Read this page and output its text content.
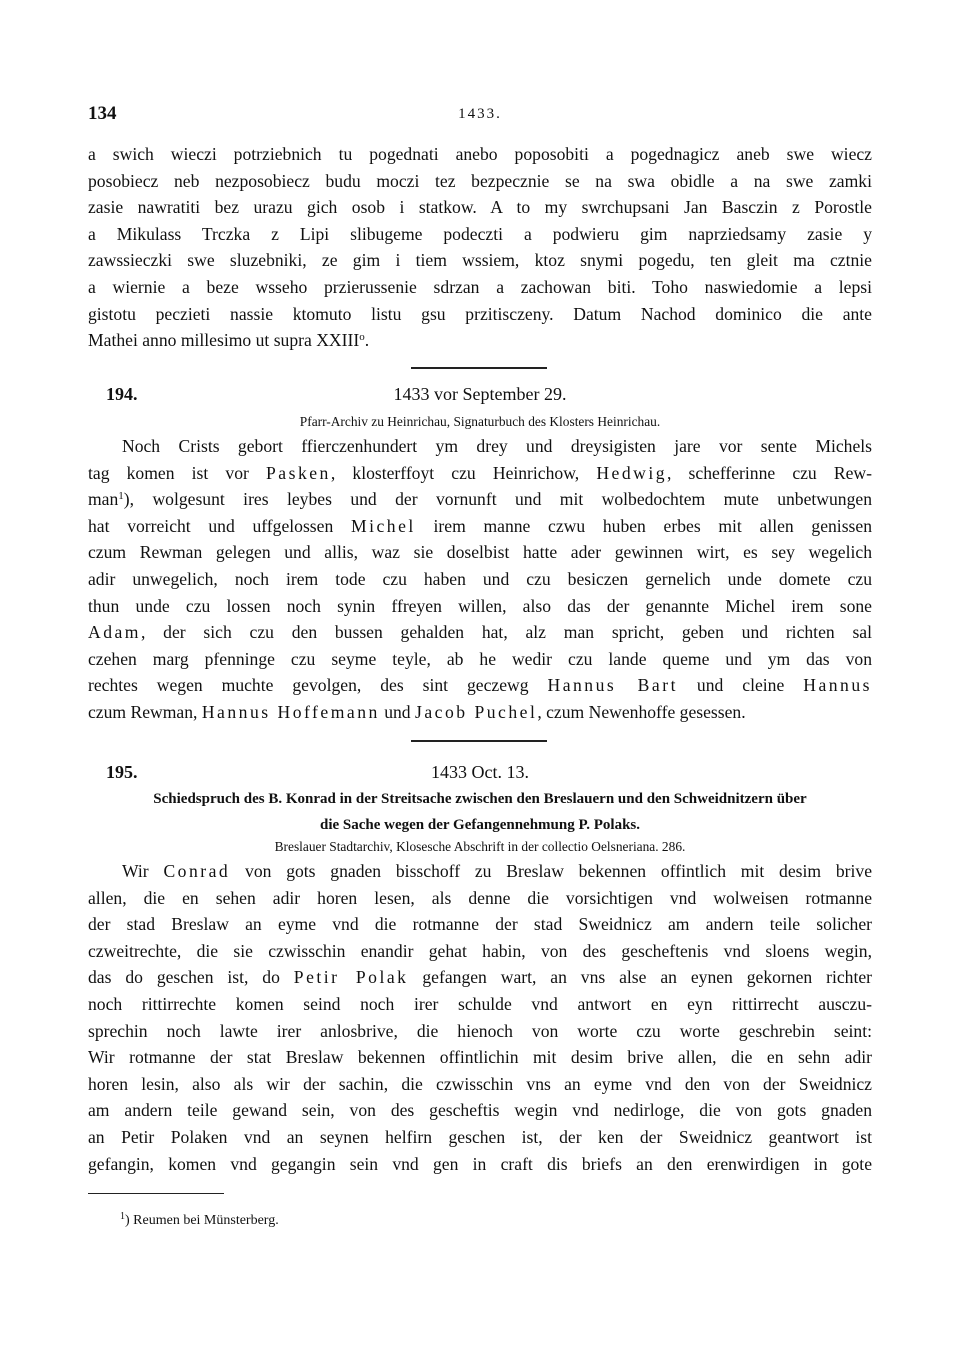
134	1433.
a swich wieczi potrziebnich tu pogednati anebo poposobiti a pogednagicz aneb swe wiecz
posobiecz neb nezposobiecz budu moczi tez bezpecznie se na swa obidle a na swe zamki
zasie nawratiti bez urazu gich osob i statkow. A to my swrchupsani Jan Basczin z Porostle
a Mikulass Trczka z Lipi slibugeme podeczti a podwieru gim naprziedsamy zasie y
zawssieczki swe sluzebniki, ze gim i tiem wssiem, ktoz snymi pogedu, ten gleit ma cztnie
a wiernie a beze wsseho przierussenie sdrzan a zachowan biti. Toho naswiedomie a lepsi
gistotu peczieti nassie ktomuto listu gsu przitisczeny. Datum Nachod dominico die ante
Mathei anno millesimo ut supra XXIII$^o$.
194.	1433 vor September 29.
Pfarr-Archiv zu Heinrichau, Signaturbuch des Klosters Heinrichau.
Noch Crists gebort ffierczenhundert ym drey und dreysigisten jare vor sente Michels
tag komen ist vor Pasken, klosterffoyt czu Heinrichow, Hedwig, schefferinne czu Rew-
man$^1$), wolgesunt ires leybes und der vornunft und mit wolbedochtem mute unbetwungen
hat vorreicht und uffgelossen Michel irem manne czwu huben erbes mit allen genissen
czum Rewman gelegen und allis, waz sie doselbist hatte ader gewinnen wirt, es sey wegelich
adir unwegelich, noch irem tode czu haben und czu besiczen gernelich unde domete czu
thun unde czu lossen noch synin ffreyen willen, also das der genannte Michel irem sone
Adam, der sich czu den bussen gehalden hat, alz man spricht, geben und richten sal
czehen marg pfenninge czu seyme teyle, ab he wedir czu lande queme und ym das von
rechtes wegen muchte gevolgen, des sint geczewg Hannus Bart und cleine Hannus
czum Rewman, Hannus Hoffemann und Jacob Puchel, czum Newenhoffe gesessen.
195.	1433 Oct. 13.
Schiedspruch des B. Konrad in der Streitsache zwischen den Breslauern und den Schweidnitzern über
die Sache wegen der Gefangennehmung P. Polaks.
Breslauer Stadtarchiv, Klosesche Abschrift in der collectio Oelsneriana. 286.
Wir Conrad von gots gnaden bisschoff zu Breslaw bekennen offintlich mit desim brive
allen, die en sehen adir horen lesen, als denne die vorsichtigen vnd wolweisen rotmanne
der stad Breslaw an eyme vnd die rotmanne der stad Sweidnicz am andern teile solicher
czweitrechte, die sie czwisschin enandir gehat habin, von des gescheftenis vnd sloens wegin,
das do geschen ist, do Petir Polak gefangen wart, an vns alse an eynen gekornen richter
noch rittirrechte komen seind noch irer schulde vnd antwort en eyn rittirrecht ausczu-
sprechin noch lawte irer anlosbrive, die hienoch von worte czu worte geschrebin seint:
Wir rotmanne der stat Breslaw bekennen offintlichin mit desim brive allen, die en sehn adir
horen lesin, also als wir der sachin, die czwisschin vns an eyme vnd den von der Sweidnicz
am andern teile gewand sein, von des gescheftis wegin vnd nedirloge, die von gots gnaden
an Petir Polaken vnd an seynen helfirn geschen ist, der ken der Sweidnicz geantwort ist
gefangin, komen vnd gegangin sein vnd gen in craft dis briefs an den erenwirdigen in gote
$^1$) Reumen bei Münsterberg.
